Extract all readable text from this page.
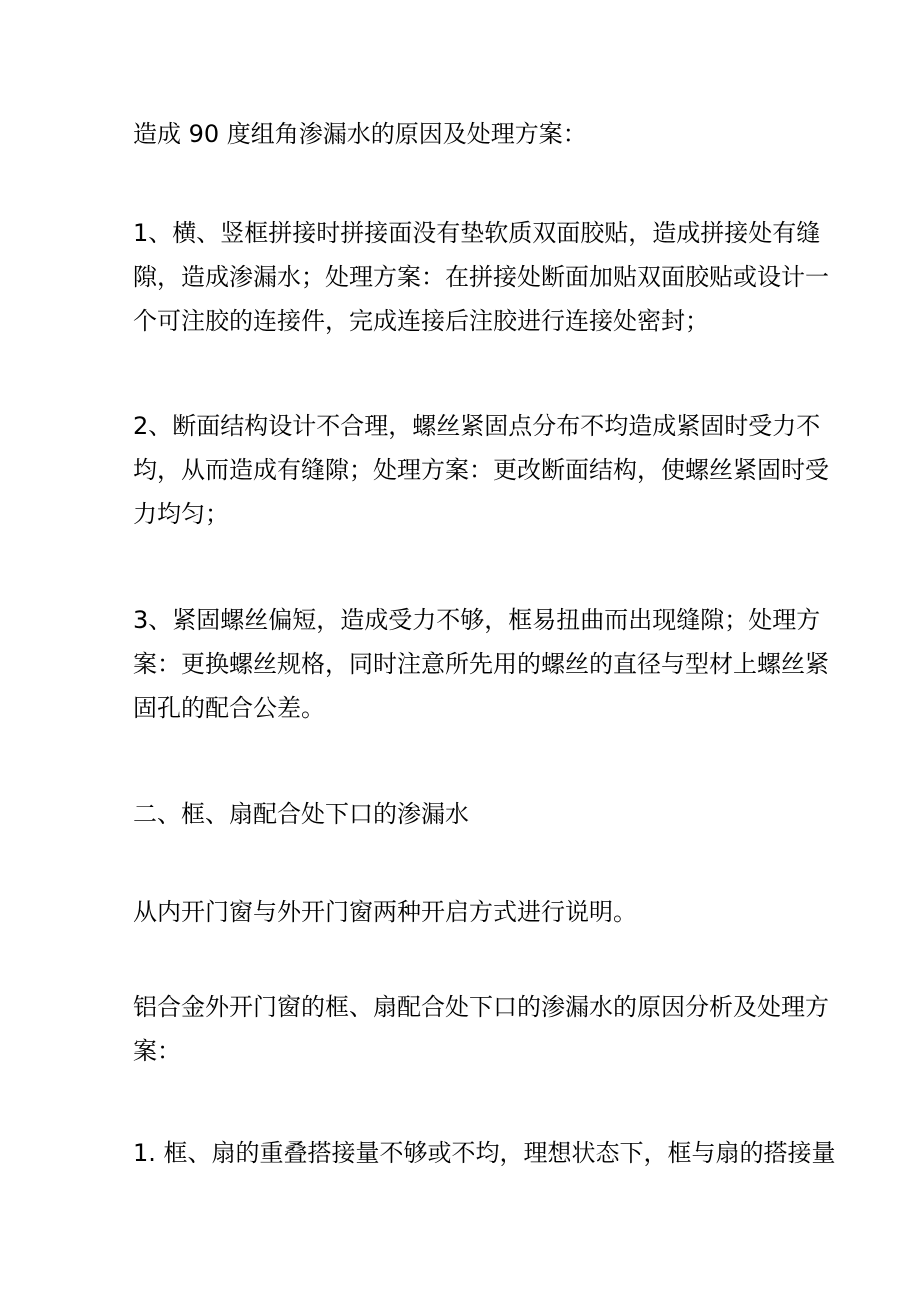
造成 90 度组角渗漏水的原因及处理方案：

1、横、竖框拼接时拼接面没有垫软质双面胶贴，造成拼接处有缝
隙，造成渗漏水；处理方案：在拼接处断面加贴双面胶贴或设计一
个可注胶的连接件，完成连接后注胶进行连接处密封；

2、断面结构设计不合理，螺丝紧固点分布不均造成紧固时受力不
均，从而造成有缝隙；处理方案：更改断面结构，使螺丝紧固时受
力均匀；

3、紧固螺丝偏短，造成受力不够，框易扭曲而出现缝隙；处理方
案：更换螺丝规格，同时注意所先用的螺丝的直径与型材上螺丝紧
固孔的配合公差。

二、框、扇配合处下口的渗漏水

从内开门窗与外开门窗两种开启方式进行说明。

铝合金外开门窗的框、扇配合处下口的渗漏水的原因分析及处理方
案：

1. 框、扇的重叠搭接量不够或不均，理想状态下，框与扇的搭接量
